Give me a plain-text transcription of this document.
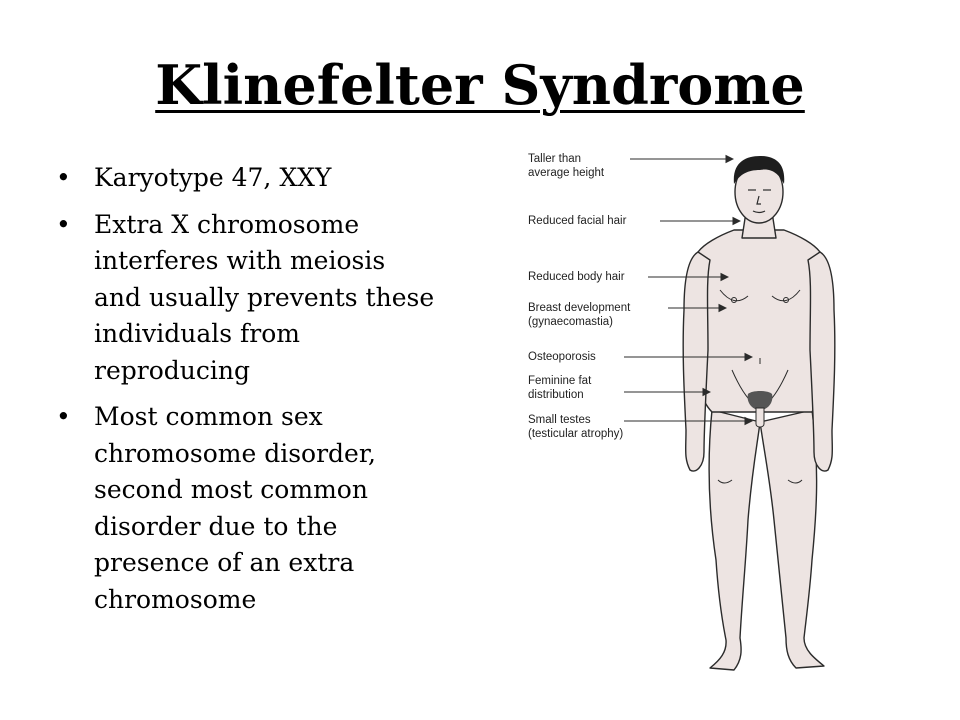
Klinefelter Syndrome
• Karyotype 47, XXY
• Extra X chromosome interferes with meiosis and usually prevents these individuals from reproducing
• Most common sex chromosome disorder, second most common disorder due to the presence of an extra chromosome
Taller than
average height
Reduced facial hair
Reduced body hair
Breast development
(gynaecomastia)
Osteoporosis
Feminine fat
distribution
Small testes
(testicular atrophy)
